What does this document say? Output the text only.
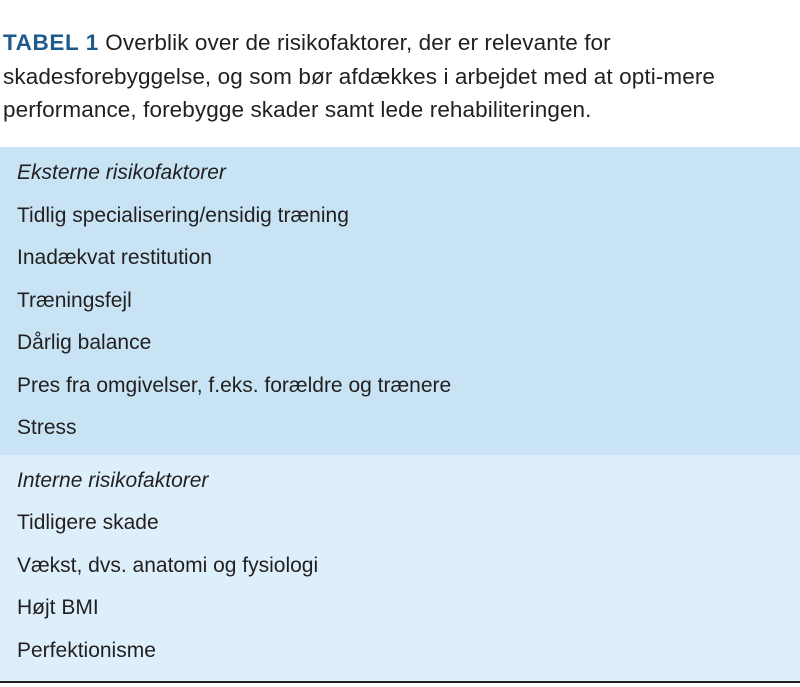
TABEL 1 Overblik over de risikofaktorer, der er relevante for skadesforebyggelse, og som bør afdækkes i arbejdet med at opti-mere performance, forebygge skader samt lede rehabiliteringen.
Eksterne risikofaktorer
Tidlig specialisering/ensidig træning
Inadækvat restitution
Træningsfejl
Dårlig balance
Pres fra omgivelser, f.eks. forældre og trænere
Stress
Interne risikofaktorer
Tidligere skade
Vækst, dvs. anatomi og fysiologi
Højt BMI
Perfektionisme
